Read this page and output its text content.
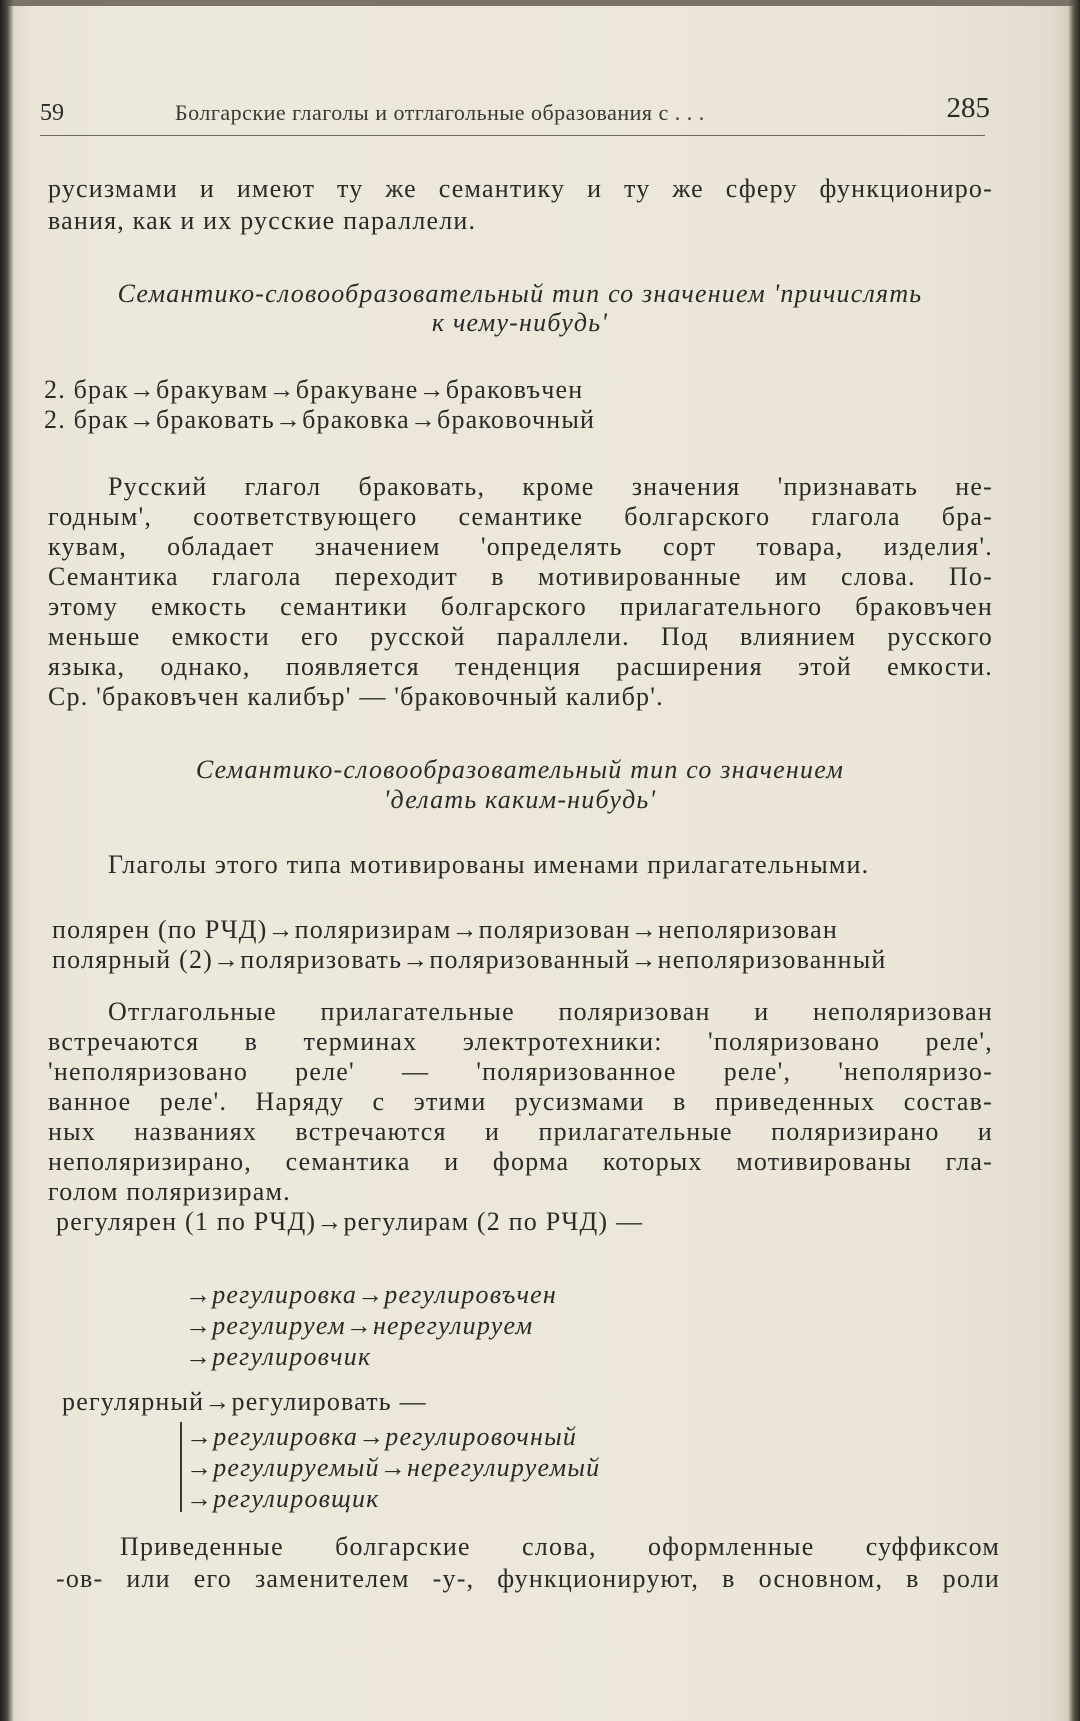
59	Болгарские глаголы и отглагольные образования с . . .	285
русизмами и имеют ту же семантику и ту же сферу функциониро-
вания, как и их русские параллели.
Семантико-словообразовательный тип со значением 'причислять
к чему-нибудь'
2. брак→бракувам→бракуване→браковъчен
2. брак→браковать→браковка→браковочный
Русский глагол браковать, кроме значения 'признавать не-
годным', соответствующего семантике болгарского глагола бра-
кувам, обладает значением 'определять сорт товара, изделия'.
Семантика глагола переходит в мотивированные им слова. По-
этому емкость семантики болгарского прилагательного браковъчен
меньше емкости его русской параллели. Под влиянием русского
языка, однако, появляется тенденция расширения этой емкости.
Ср. 'браковъчен калибър' — 'браковочный калибр'.
Семантико-словообразовательный тип со значением
'делать каким-нибудь'
Глаголы этого типа мотивированы именами прилагательными.
полярен (по РЧД)→поляризирам→поляризован→неполяризован
полярный (2)→поляризовать→поляризованный→неполяризованный
Отглагольные прилагательные поляризован и неполяризован
встречаются в терминах электротехники: 'поляризовано реле',
'неполяризовано реле' — 'поляризованное реле', 'неполяризо-
ванное реле'. Наряду с этими русизмами в приведенных состав-
ных названиях встречаются и прилагательные поляризирано и
неполяризирано, семантика и форма которых мотивированы гла-
голом поляризирам.
регулярен (1 по РЧД)→регулирам (2 по РЧД) —
→регулировка→регулировъчен
→регулируем→нерегулируем
→регулировчик
регулярный→регулировать —
→регулировка→регулировочный
→регулируемый→нерегулируемый
→регулировщик
Приведенные болгарские слова, оформленные суффиксом
-ов- или его заменителем -у-, функционируют, в основном, в роли
